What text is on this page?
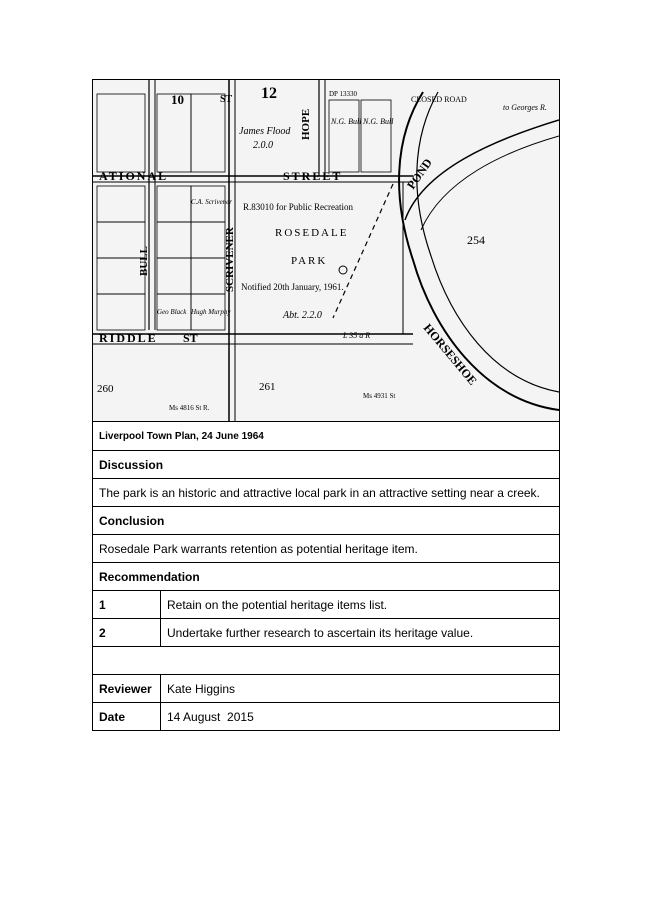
12
10	ST
ATIONAL	STREET
HOPE
BULL	SCRIVENER
RIDDLE ST
POND
HORSESHOE
CLOSED ROAD
to Georges R.
James Flood
2.0.0
N.G. Bull N.G. Bull
DP 13330
R.83010 for Public Recreation
ROSEDALE
PARK
Notified 20th January, 1961.
Abt. 2.2.0
L 35 a R
254
260	261
Ms 4816 St R.
Ms 4931 St
Geo Black Hugh Murphy
C.A. Scrivener
Liverpool Town Plan, 24 June 1964
Discussion
The park is an historic and attractive local park in an attractive setting near a creek.
Conclusion
Rosedale Park warrants retention as potential heritage item.
Recommendation
1	Retain on the potential heritage items list.
2	Undertake further research to ascertain its heritage value.
Reviewer	Kate Higgins
Date	14 August  2015
